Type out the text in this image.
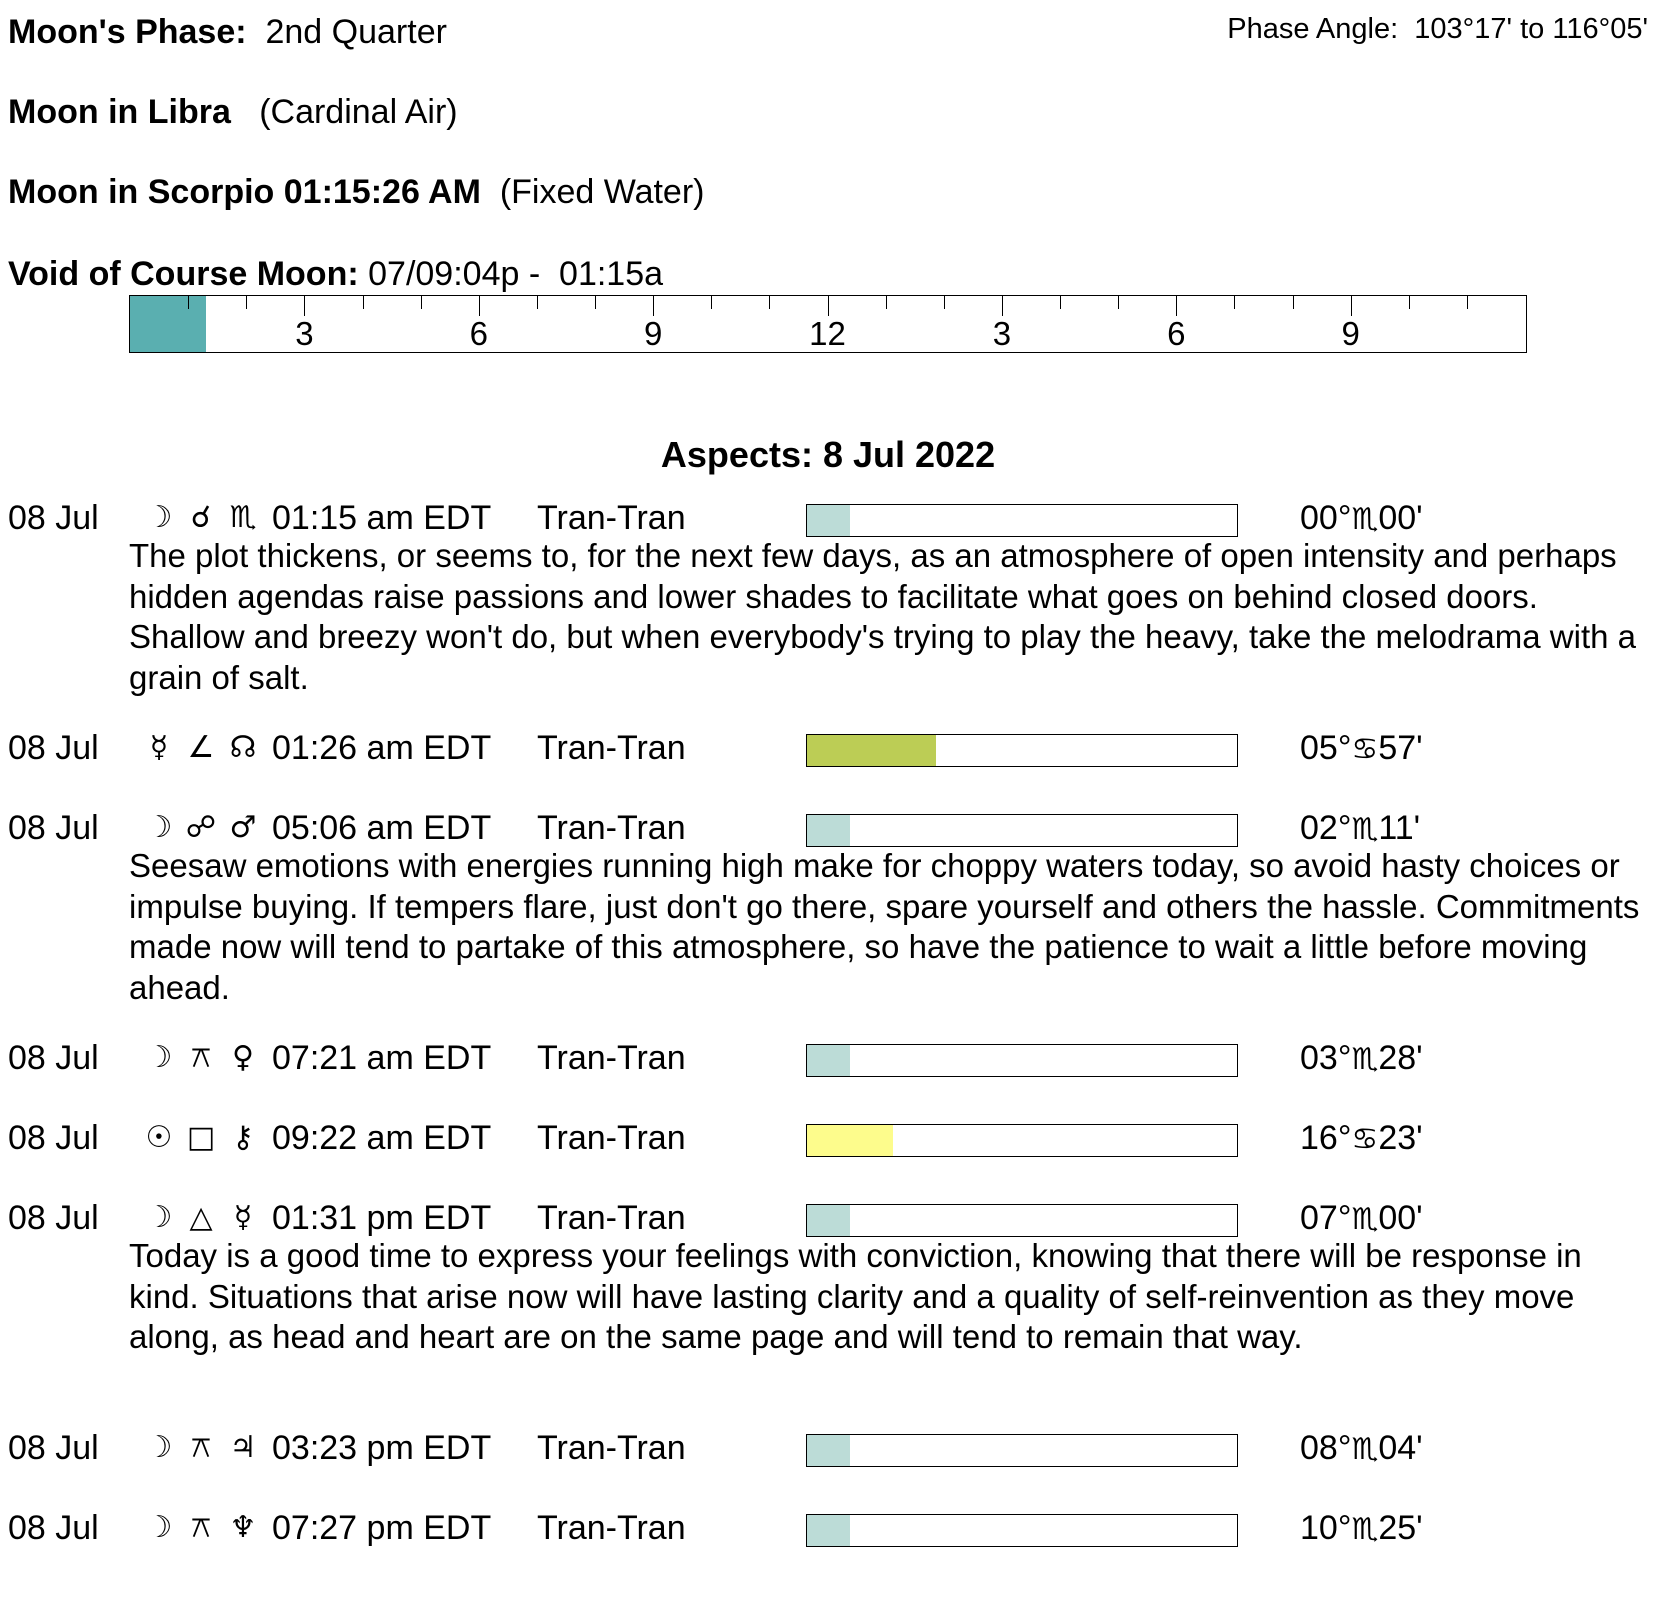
Moon's Phase: 2nd Quarter	Phase Angle: 103°17' to 116°05'
Moon in Libra (Cardinal Air)
Moon in Scorpio 01:15:26 AM (Fixed Water)
Void of Course Moon: 07/09:04p -  01:15a
3	6	9	12	3	6	9
Aspects: 8 Jul 2022
08 Jul ☽ ☌ ♏ 01:15 am EDT Tran-Tran	00°♏00'
The plot thickens, or seems to, for the next few days, as an atmosphere of open intensity and perhaps hidden agendas raise passions and lower shades to facilitate what goes on behind closed doors. Shallow and breezy won't do, but when everybody's trying to play the heavy, take the melodrama with a grain of salt.
08 Jul	☿ ∠ ☊ 01:26 am EDT Tran-Tran	05°♋57'
08 Jul ☽ ☍ ♂ 05:06 am EDT Tran-Tran	02°♏11'
Seesaw emotions with energies running high make for choppy waters today, so avoid hasty choices or impulse buying. If tempers flare, just don't go there, spare yourself and others the hassle. Commitments made now will tend to partake of this atmosphere, so have the patience to wait a little before moving ahead.
08 Jul ☽ ⚻ ♀ 07:21 am EDT Tran-Tran	03°♏28'
08 Jul ☉ □ ⚷ 09:22 am EDT Tran-Tran	16°♋23'
08 Jul ☽ △ ☿ 01:31 pm EDT Tran-Tran	07°♏00'
Today is a good time to express your feelings with conviction, knowing that there will be response in kind. Situations that arise now will have lasting clarity and a quality of self-reinvention as they move along, as head and heart are on the same page and will tend to remain that way.
08 Jul ☽ ⚻ ♃ 03:23 pm EDT Tran-Tran	08°♏04'
08 Jul ☽ ⚻ ♆ 07:27 pm EDT Tran-Tran	10°♏25'
